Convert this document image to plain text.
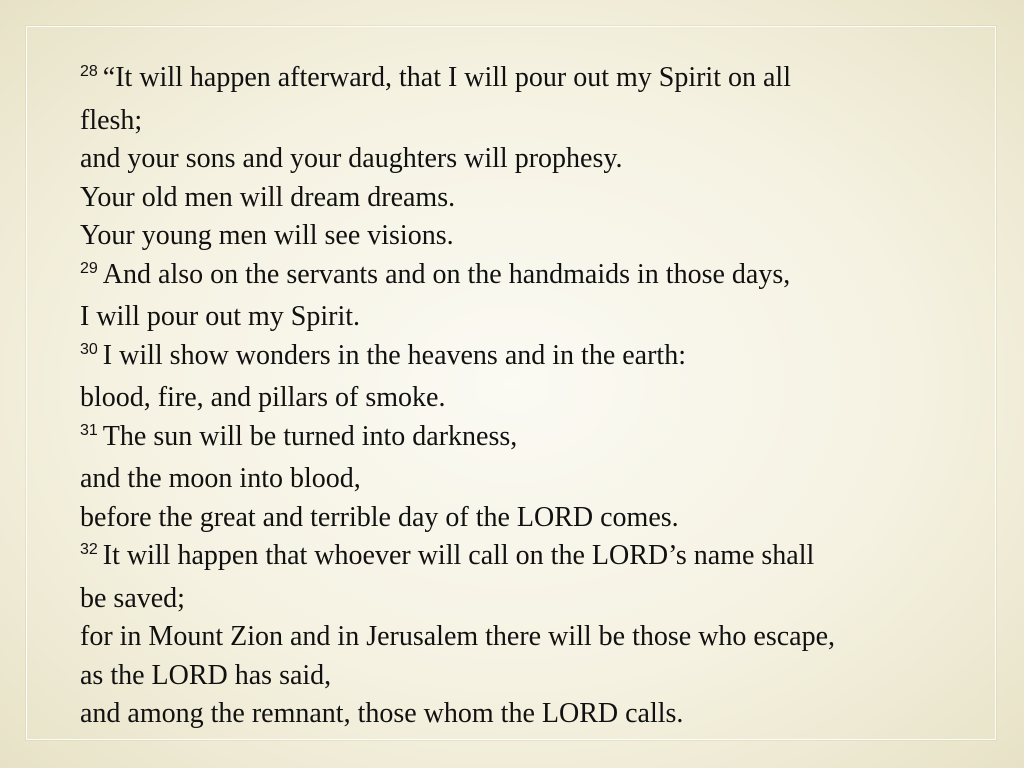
$^{28}$ “It will happen afterward, that I will pour out my Spirit on all
flesh;
and your sons and your daughters will prophesy.
Your old men will dream dreams.
Your young men will see visions.
$^{29}$ And also on the servants and on the handmaids in those days,
I will pour out my Spirit.
$^{30}$ I will show wonders in the heavens and in the earth:
blood, fire, and pillars of smoke.
$^{31}$ The sun will be turned into darkness,
and the moon into blood,
before the great and terrible day of the LORD comes.
$^{32}$ It will happen that whoever will call on the LORD’s name shall
be saved;
for in Mount Zion and in Jerusalem there will be those who escape,
as the LORD has said,
and among the remnant, those whom the LORD calls.
